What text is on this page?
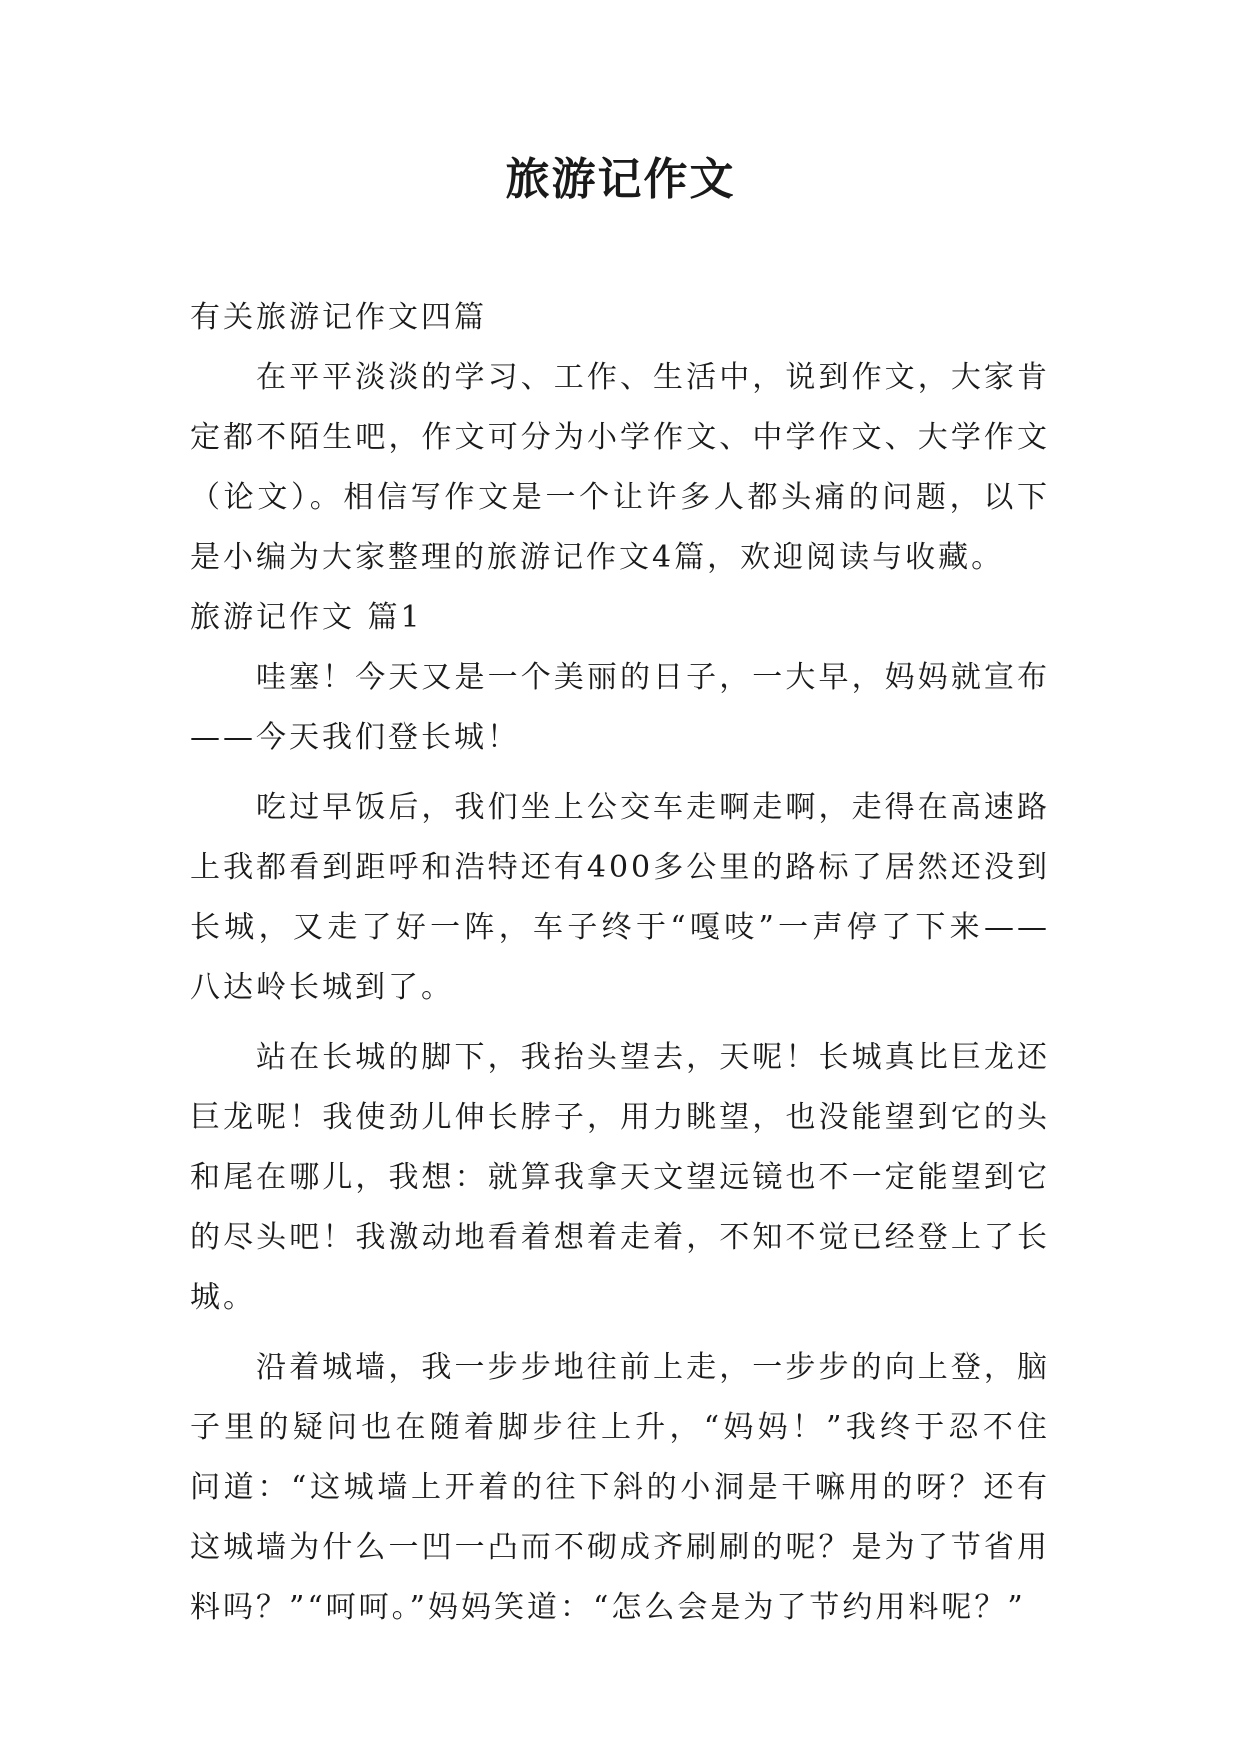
旅游记作文

有关旅游记作文四篇

在平平淡淡的学习、工作、生活中，说到作文，大家肯定都不陌生吧，作文可分为小学作文、中学作文、大学作文（论文）。相信写作文是一个让许多人都头痛的问题，以下是小编为大家整理的旅游记作文4篇，欢迎阅读与收藏。

旅游记作文 篇1

哇塞！今天又是一个美丽的日子，一大早，妈妈就宣布——今天我们登长城！

吃过早饭后，我们坐上公交车走啊走啊，走得在高速路上我都看到距呼和浩特还有400多公里的路标了居然还没到长城，又走了好一阵，车子终于“嘎吱”一声停了下来——八达岭长城到了。

站在长城的脚下，我抬头望去，天呢！长城真比巨龙还巨龙呢！我使劲儿伸长脖子，用力眺望，也没能望到它的头和尾在哪儿，我想：就算我拿天文望远镜也不一定能望到它的尽头吧！我激动地看着想着走着，不知不觉已经登上了长城。

沿着城墙，我一步步地往前上走，一步步的向上登，脑子里的疑问也在随着脚步往上升，“妈妈！”我终于忍不住问道：“这城墙上开着的往下斜的小洞是干嘛用的呀？还有这城墙为什么一凹一凸而不砌成齐刷刷的呢？是为了节省用料吗？”“呵呵。”妈妈笑道：“怎么会是为了节约用料呢？”
